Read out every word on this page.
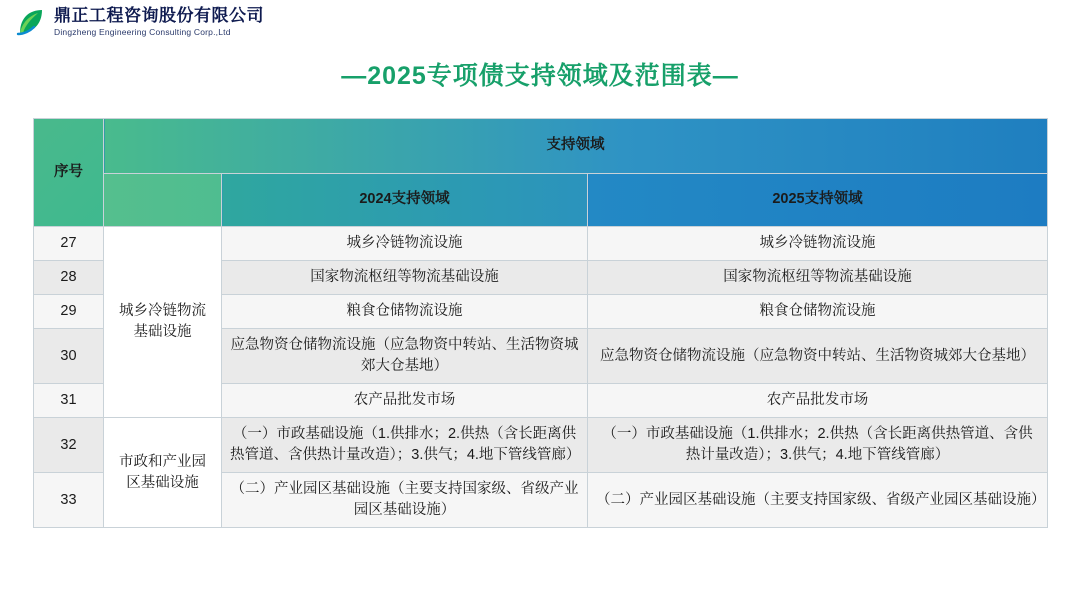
鼎正工程咨询股份有限公司
Dingzheng Engineering Consulting Corp.,Ltd
—2025专项债支持领域及范围表—
序号	支持领域		
		2024支持领域	2025支持领域
27	城乡冷链物流基础设施	城乡冷链物流设施	城乡冷链物流设施
28		国家物流枢纽等物流基础设施	国家物流枢纽等物流基础设施
29		粮食仓储物流设施	粮食仓储物流设施
30		应急物资仓储物流设施（应急物资中转站、生活物资城郊大仓基地）	应急物资仓储物流设施（应急物资中转站、生活物资城郊大仓基地）
31		农产品批发市场	农产品批发市场
32	市政和产业园区基础设施	（一）市政基础设施（1.供排水；2.供热（含长距离供热管道、含供热计量改造）；3.供气；4.地下管线管廊）	（一）市政基础设施（1.供排水；2.供热（含长距离供热管道、含供热计量改造）；3.供气；4.地下管线管廊）
33		（二）产业园区基础设施（主要支持国家级、省级产业园区基础设施）	（二）产业园区基础设施（主要支持国家级、省级产业园区基础设施）
